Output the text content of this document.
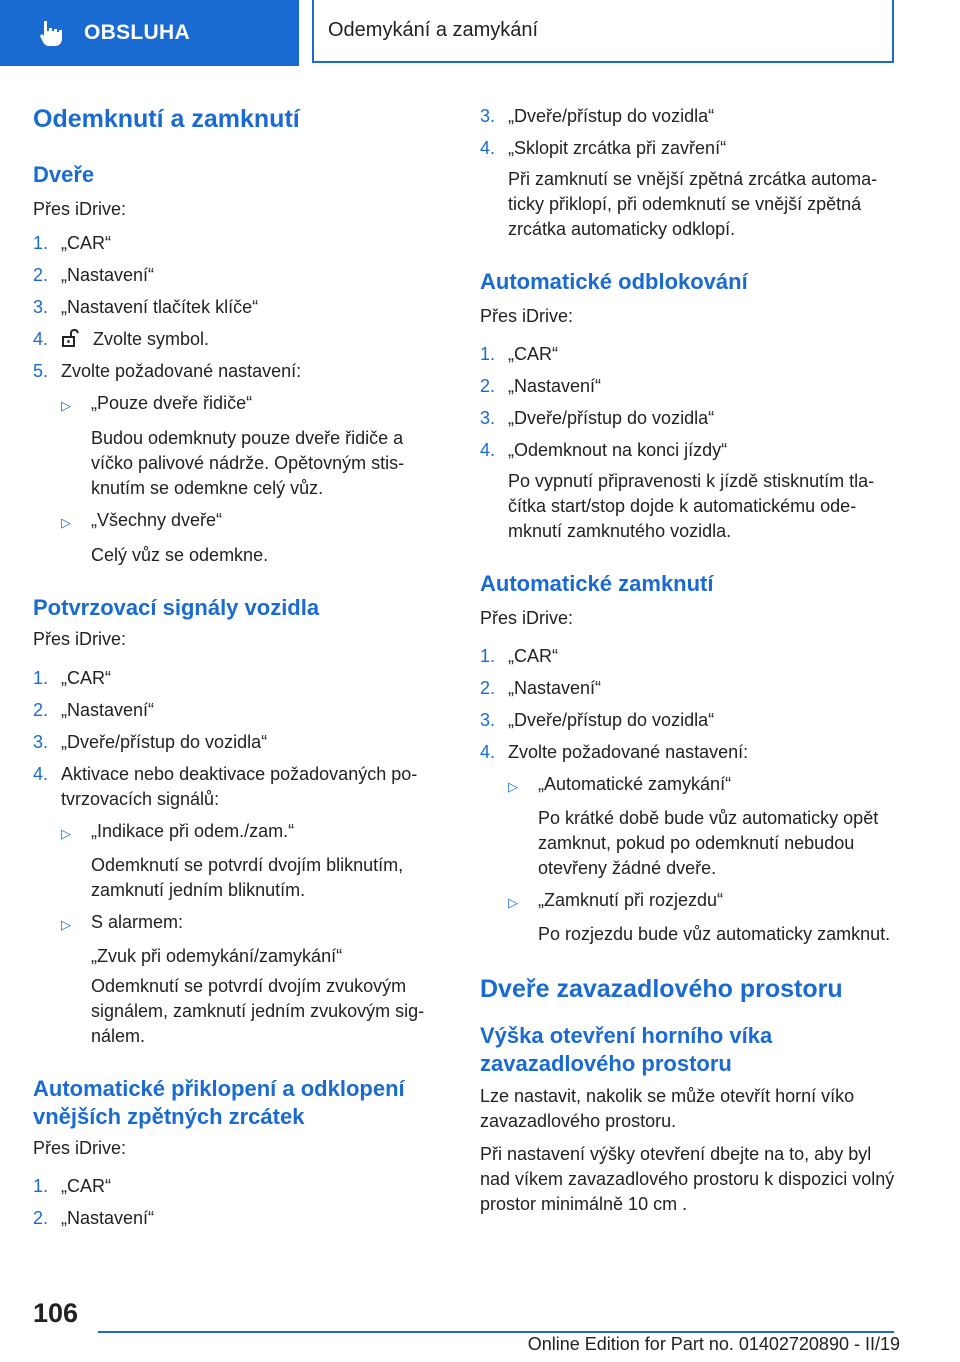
OBSLUHA	Odemykání a zamykání
Odemknutí a zamknutí
Dveře

Přes iDrive:

1. „CAR“
2. „Nastavení“
3. „Nastavení tlačítek klíče“
4.	Zvolte symbol.
5. Zvolte požadované nastavení:
▷	„Pouze dveře řidiče“
Budou odemknuty pouze dveře řidiče a víčko palivové nádrže. Opětovným stisknutím se odemkne celý vůz.
▷	„Všechny dveře“
Celý vůz se odemkne.
Potvrzovací signály vozidla

Přes iDrive:

1. „CAR“
2. „Nastavení“
3. „Dveře/přístup do vozidla“
4. Aktivace nebo deaktivace požadovaných potvrzovacích signálů:
▷	„Indikace při odem./zam.“
Odemknutí se potvrdí dvojím bliknutím, zamknutí jedním bliknutím.
▷	S alarmem:
„Zvuk při odemykání/zamykání“
Odemknutí se potvrdí dvojím zvukovým signálem, zamknutí jedním zvukovým signálem.
Automatické přiklopení a odklopení vnějších zpětných zrcátek

Přes iDrive:

1. „CAR“
2. „Nastavení“
3. „Dveře/přístup do vozidla“
4. „Sklopit zrcátka při zavření“
Při zamknutí se vnější zpětná zrcátka automaticky přiklopí, při odemknutí se vnější zpětná zrcátka automaticky odklopí.
Automatické odblokování

Přes iDrive:

1. „CAR“
2. „Nastavení“
3. „Dveře/přístup do vozidla“
4. „Odemknout na konci jízdy“
Po vypnutí připravenosti k jízdě stisknutím tlačítka start/stop dojde k automatickému odemknutí zamknutého vozidla.
Automatické zamknutí

Přes iDrive:

1. „CAR“
2. „Nastavení“
3. „Dveře/přístup do vozidla“
4. Zvolte požadované nastavení:
▷	„Automatické zamykání“
Po krátké době bude vůz automaticky opět zamknut, pokud po odemknutí nebudou otevřeny žádné dveře.
▷	„Zamknutí při rozjezdu“
Po rozjezdu bude vůz automaticky zamknut.
Dveře zavazadlového prostoru
Výška otevření horního víka zavazadlového prostoru

Lze nastavit, nakolik se může otevřít horní víko zavazadlového prostoru.

Při nastavení výšky otevření dbejte na to, aby byl nad víkem zavazadlového prostoru k dispozici volný prostor minimálně 10 cm .

106
Online Edition for Part no. 01402720890 - II/19
